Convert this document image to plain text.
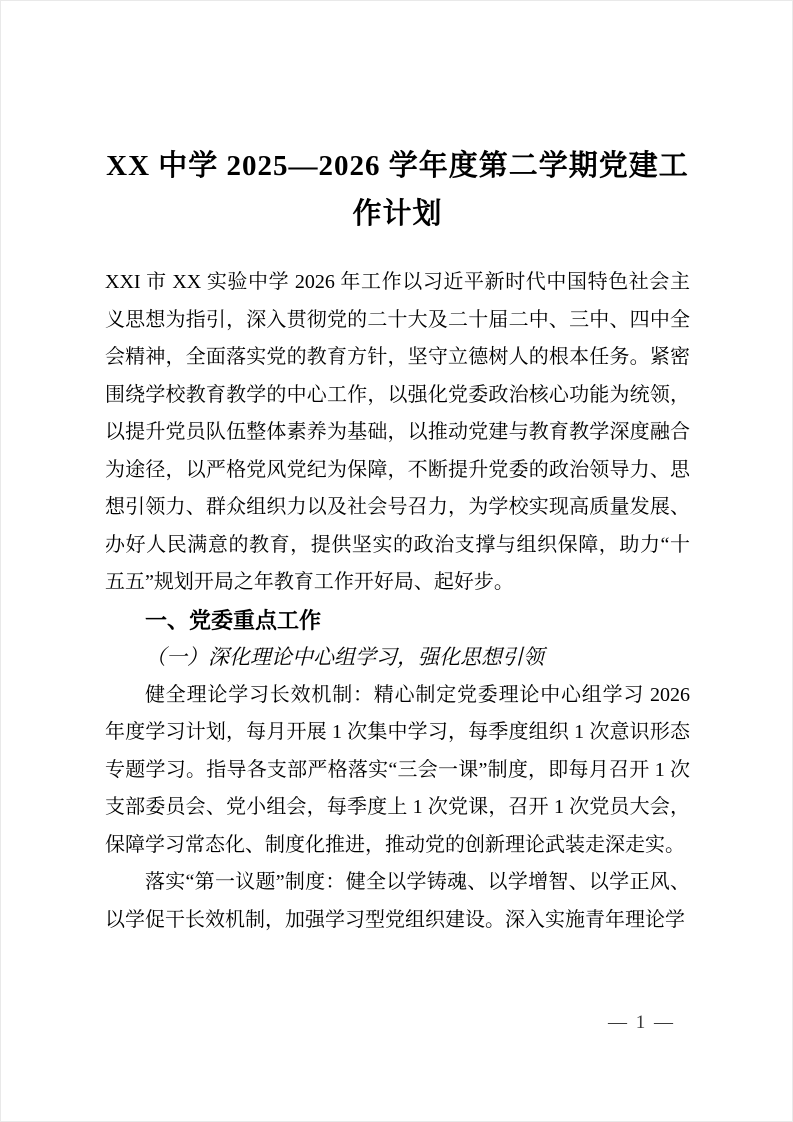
XX 中学 2025—2026 学年度第二学期党建工
作计划

XXI 市 XX 实验中学 2026 年工作以习近平新时代中国特色社会主义思想为指引，深入贯彻党的二十大及二十届二中、三中、四中全会精神，全面落实党的教育方针，坚守立德树人的根本任务。紧密围绕学校教育教学的中心工作，以强化党委政治核心功能为统领，以提升党员队伍整体素养为基础，以推动党建与教育教学深度融合为途径，以严格党风党纪为保障，不断提升党委的政治领导力、思想引领力、群众组织力以及社会号召力，为学校实现高质量发展、办好人民满意的教育，提供坚实的政治支撑与组织保障，助力“十五五”规划开局之年教育工作开好局、起好步。

一、党委重点工作

（一）深化理论中心组学习，强化思想引领

健全理论学习长效机制：精心制定党委理论中心组学习 2026 年度学习计划，每月开展 1 次集中学习，每季度组织 1 次意识形态专题学习。指导各支部严格落实“三会一课”制度，即每月召开 1 次支部委员会、党小组会，每季度上 1 次党课，召开 1 次党员大会，保障学习常态化、制度化推进，推动党的创新理论武装走深走实。

落实“第一议题”制度：健全以学铸魂、以学增智、以学正风、以学促干长效机制，加强学习型党组织建设。深入实施青年理论学

— 1 —
